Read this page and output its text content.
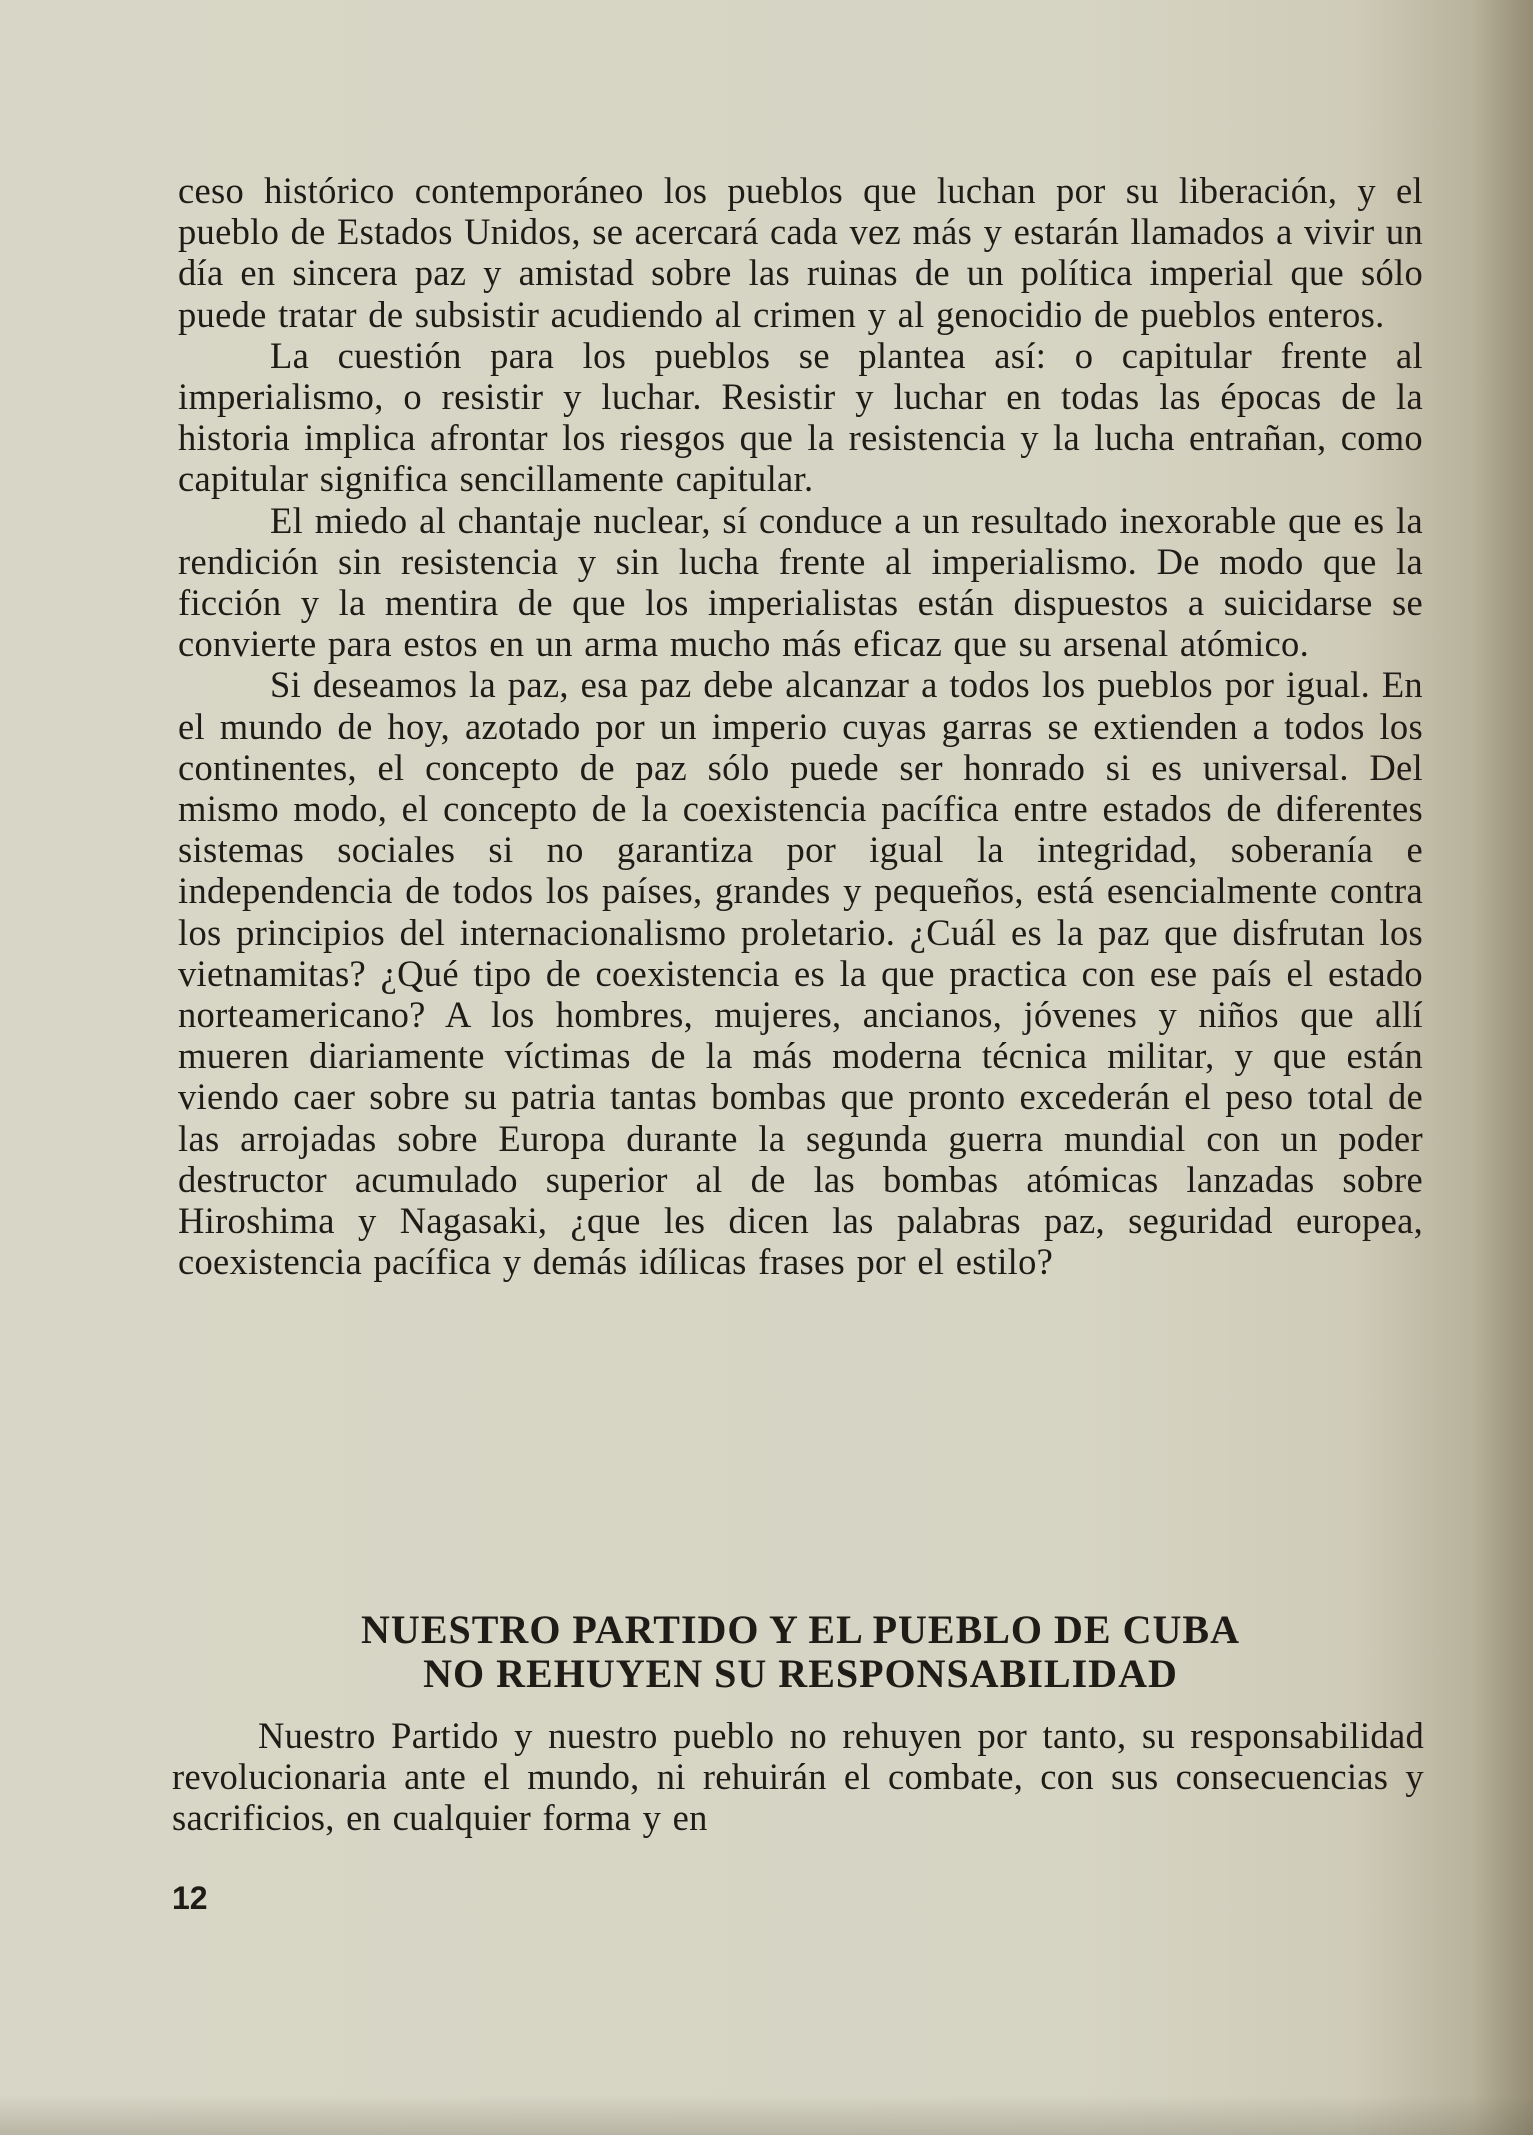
ceso histórico contemporáneo los pueblos que luchan por su liberación, y el pueblo de Estados Unidos, se acercará cada vez más y estarán llamados a vivir un día en sincera paz y amistad sobre las ruinas de un política imperial que sólo puede tratar de subsistir acudiendo al crimen y al genocidio de pueblos enteros.

La cuestión para los pueblos se plantea así: o capitular frente al imperialismo, o resistir y luchar. Resistir y luchar en todas las épocas de la historia implica afrontar los riesgos que la resistencia y la lucha entrañan, como capitular significa sencillamente capitular.

El miedo al chantaje nuclear, sí conduce a un resultado inexorable que es la rendición sin resistencia y sin lucha frente al imperialismo. De modo que la ficción y la mentira de que los imperialistas están dispuestos a suicidarse se convierte para estos en un arma mucho más eficaz que su arsenal atómico.

Si deseamos la paz, esa paz debe alcanzar a todos los pueblos por igual. En el mundo de hoy, azotado por un imperio cuyas garras se extienden a todos los continentes, el concepto de paz sólo puede ser honrado si es universal. Del mismo modo, el concepto de la coexistencia pacífica entre estados de diferentes sistemas sociales si no garantiza por igual la integridad, soberanía e independencia de todos los países, grandes y pequeños, está esencialmente contra los principios del internacionalismo proletario. ¿Cuál es la paz que disfrutan los vietnamitas? ¿Qué tipo de coexistencia es la que practica con ese país el estado norteamericano? A los hombres, mujeres, ancianos, jóvenes y niños que allí mueren diariamente víctimas de la más moderna técnica militar, y que están viendo caer sobre su patria tantas bombas que pronto excederán el peso total de las arrojadas sobre Europa durante la segunda guerra mundial con un poder destructor acumulado superior al de las bombas atómicas lanzadas sobre Hiroshima y Nagasaki, ¿que les dicen las palabras paz, seguridad europea, coexistencia pacífica y demás idílicas frases por el estilo?

NUESTRO PARTIDO Y EL PUEBLO DE CUBA
NO REHUYEN SU RESPONSABILIDAD

Nuestro Partido y nuestro pueblo no rehuyen por tanto, su responsabilidad revolucionaria ante el mundo, ni rehuirán el combate, con sus consecuencias y sacrificios, en cualquier forma y en

12
